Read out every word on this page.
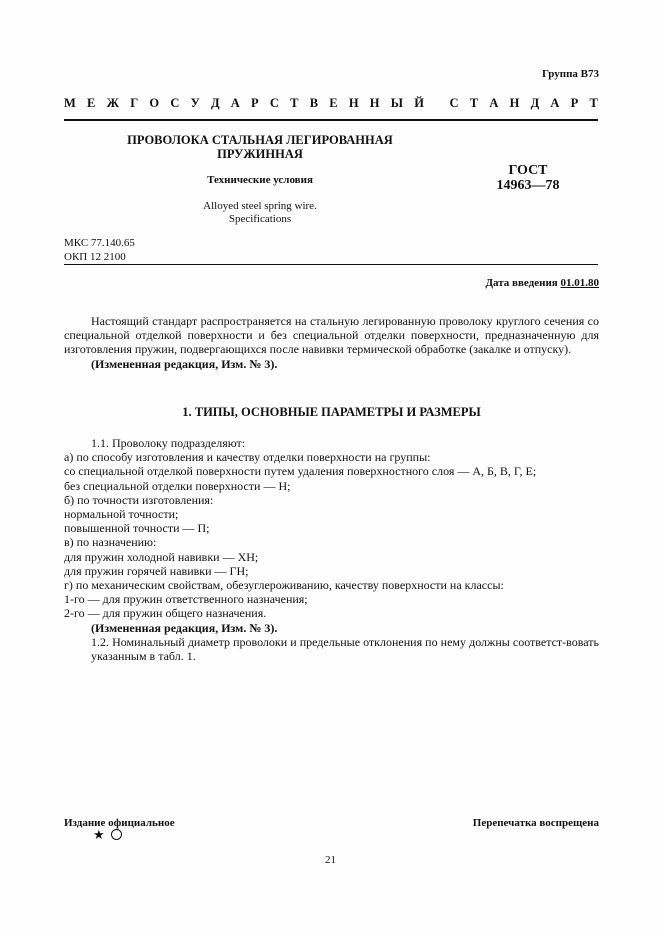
Группа В73
М Е Ж Г О С У Д А Р С Т В Е Н Н Ы Й
С Т А Н Д А Р Т
ПРОВОЛОКА СТАЛЬНАЯ ЛЕГИРОВАННАЯ
ПРУЖИННАЯ
Технические условия
Alloyed steel spring wire.
Specifications
ГОСТ
14963—78
МКС 77.140.65
ОКП 12 2100
Дата введения 01.01.80
Настоящий стандарт распространяется на стальную легированную проволоку круглого сечения со специальной отделкой поверхности и без специальной отделки поверхности, предназначенную для изготовления пружин, подвергающихся после навивки термической обработке (закалке и отпуску).
(Измененная редакция, Изм. № 3).
1. ТИПЫ, ОСНОВНЫЕ ПАРАМЕТРЫ И РАЗМЕРЫ
1.1. Проволоку подразделяют:
а) по способу изготовления и качеству отделки поверхности на группы:
со специальной отделкой поверхности путем удаления поверхностного слоя — А, Б, В, Г, Е;
без специальной отделки поверхности — Н;
б) по точности изготовления:
нормальной точности;
повышенной точности — П;
в) по назначению:
для пружин холодной навивки — ХН;
для пружин горячей навивки — ГН;
г) по механическим свойствам, обезуглероживанию, качеству поверхности на классы:
1-го — для пружин ответственного назначения;
2-го — для пружин общего назначения.
(Измененная редакция, Изм. № 3).
1.2. Номинальный диаметр проволоки и предельные отклонения по нему должны соответст-вовать указанным в табл. 1.
Издание официальное	Перепечатка воспрещена
★
21
